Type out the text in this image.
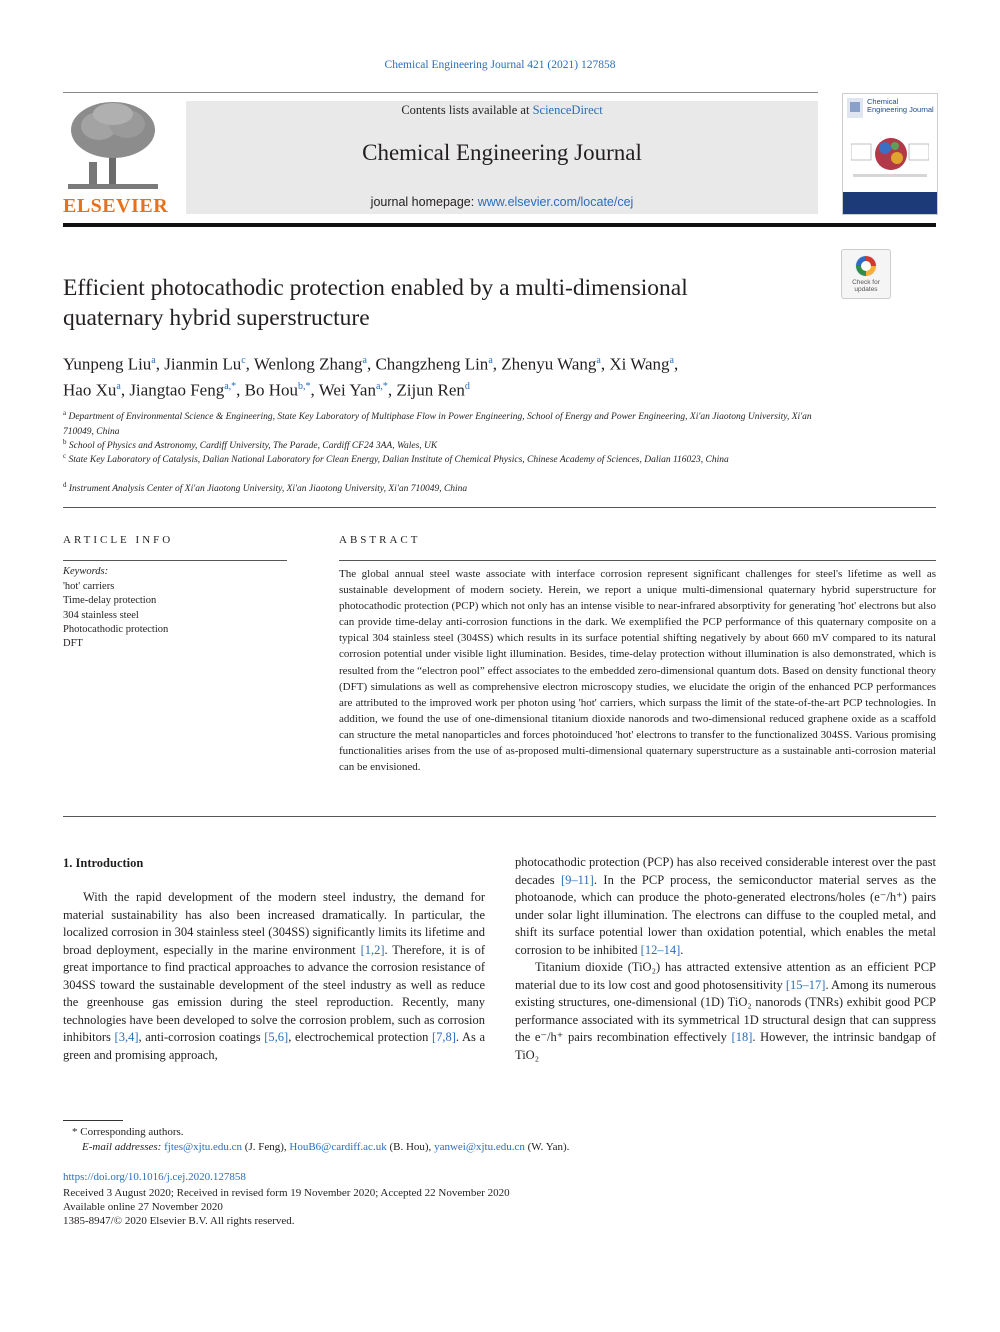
Chemical Engineering Journal 421 (2021) 127858
ELSEVIER
Contents lists available at ScienceDirect
Chemical Engineering Journal
journal homepage: www.elsevier.com/locate/cej
Chemical Engineering Journal
Efficient photocathodic protection enabled by a multi-dimensional
quaternary hybrid superstructure
Check for updates
Yunpeng Liu$^a$, Jianmin Lu$^c$, Wenlong Zhang$^a$, Changzheng Lin$^a$, Zhenyu Wang$^a$, Xi Wang$^a$,
Hao Xu$^a$, Jiangtao Feng$^{a,*}$, Bo Hou$^{b,*}$, Wei Yan$^{a,*}$, Zijun Ren$^d$
$^a$ Department of Environmental Science & Engineering, State Key Laboratory of Multiphase Flow in Power Engineering, School of Energy and Power Engineering, Xi'an Jiaotong University, Xi'an 710049, China
$^b$ School of Physics and Astronomy, Cardiff University, The Parade, Cardiff CF24 3AA, Wales, UK
$^c$ State Key Laboratory of Catalysis, Dalian National Laboratory for Clean Energy, Dalian Institute of Chemical Physics, Chinese Academy of Sciences, Dalian 116023, China
$^d$ Instrument Analysis Center of Xi'an Jiaotong University, Xi'an Jiaotong University, Xi'an 710049, China
ARTICLE INFO
Keywords:
'hot' carriers
Time-delay protection
304 stainless steel
Photocathodic protection
DFT
ABSTRACT
The global annual steel waste associate with interface corrosion represent significant challenges for steel's lifetime as well as sustainable development of modern society. Herein, we report a unique multi-dimensional quaternary hybrid superstructure for photocathodic protection (PCP) which not only has an intense visible to near-infrared absorptivity for generating 'hot' electrons but also can provide time-delay anti-corrosion functions in the dark. We exemplified the PCP performance of this quaternary composite on a typical 304 stainless steel (304SS) which results in its surface potential shifting negatively by about 660 mV compared to its natural corrosion potential under visible light illumination. Besides, time-delay protection without illumination is also demonstrated, which is resulted from the “electron pool” effect associates to the embedded zero-dimensional quantum dots. Based on density functional theory (DFT) simulations as well as comprehensive electron microscopy studies, we elucidate the origin of the enhanced PCP performances are attributed to the improved work per photon using 'hot' carriers, which surpass the limit of the state-of-the-art PCP technologies. In addition, we found the use of one-dimensional titanium dioxide nanorods and two-dimensional reduced graphene oxide as a scaffold can structure the metal nanoparticles and forces photoinduced 'hot' electrons to transfer to the functionalized 304SS. Various promising functionalities arises from the use of as-proposed multi-dimensional quaternary superstructure as a sustainable anti-corrosion material can be envisioned.
1. Introduction

With the rapid development of the modern steel industry, the demand for material sustainability has also been increased dramatically. In particular, the localized corrosion in 304 stainless steel (304SS) significantly limits its lifetime and broad deployment, especially in the marine environment [1,2]. Therefore, it is of great importance to find practical approaches to advance the corrosion resistance of 304SS toward the sustainable development of the steel industry as well as reduce the greenhouse gas emission during the steel reproduction. Recently, many technologies have been developed to solve the corrosion problem, such as corrosion inhibitors [3,4], anti-corrosion coatings [5,6], electrochemical protection [7,8]. As a green and promising approach,

photocathodic protection (PCP) has also received considerable interest over the past decades [9–11]. In the PCP process, the semiconductor material serves as the photoanode, which can produce the photo-generated electrons/holes (e⁻/h⁺) pairs under solar light illumination. The electrons can diffuse to the coupled metal, and shift its surface potential lower than oxidation potential, which enables the metal corrosion to be inhibited [12–14].

Titanium dioxide (TiO₂) has attracted extensive attention as an efficient PCP material due to its low cost and good photosensitivity [15–17]. Among its numerous existing structures, one-dimensional (1D) TiO₂ nanorods (TNRs) exhibit good PCP performance associated with its symmetrical 1D structural design that can suppress the e⁻/h⁺ pairs recombination effectively [18]. However, the intrinsic bandgap of TiO₂

* Corresponding authors.
E-mail addresses: fjtes@xjtu.edu.cn (J. Feng), HouB6@cardiff.ac.uk (B. Hou), yanwei@xjtu.edu.cn (W. Yan).
https://doi.org/10.1016/j.cej.2020.127858
Received 3 August 2020; Received in revised form 19 November 2020; Accepted 22 November 2020
Available online 27 November 2020
1385-8947/© 2020 Elsevier B.V. All rights reserved.
